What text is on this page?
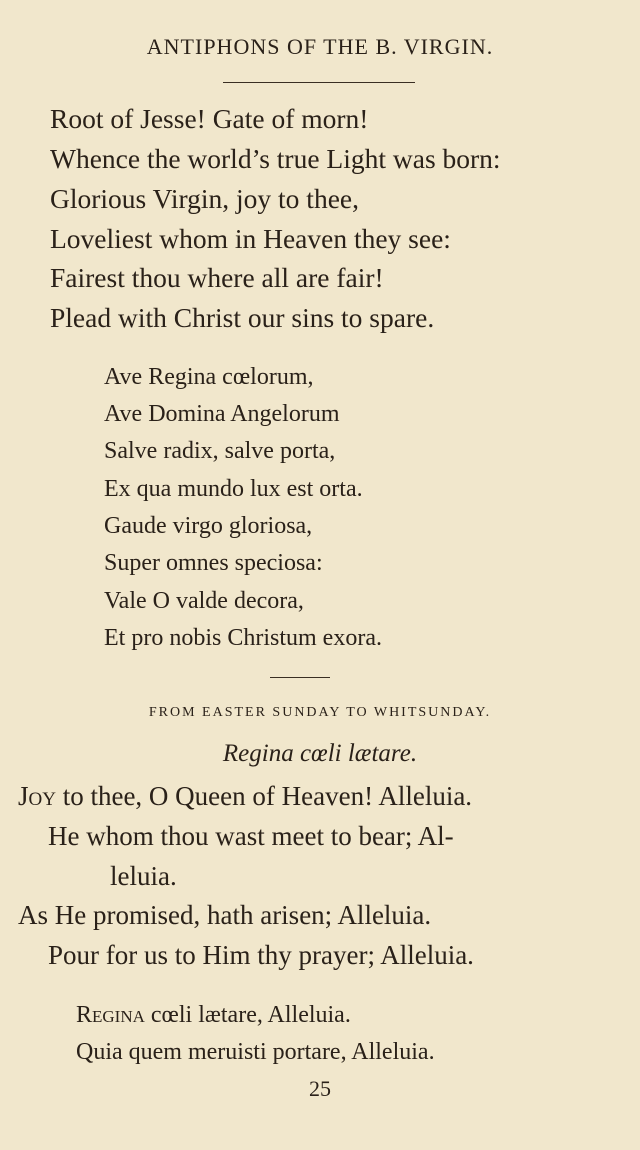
ANTIPHONS OF THE B. VIRGIN.
Root of Jesse! Gate of morn!
Whence the world’s true Light was born:
Glorious Virgin, joy to thee,
Loveliest whom in Heaven they see:
Fairest thou where all are fair!
Plead with Christ our sins to spare.
Ave Regina cœlorum,
Ave Domina Angelorum
Salve radix, salve porta,
Ex qua mundo lux est orta.
Gaude virgo gloriosa,
Super omnes speciosa:
Vale O valde decora,
Et pro nobis Christum exora.
FROM EASTER SUNDAY TO WHITSUNDAY.
Regina cœli lætare.
Joy to thee, O Queen of Heaven! Alleluia.
He whom thou wast meet to bear; Al-
leluia.
As He promised, hath arisen; Alleluia.
Pour for us to Him thy prayer; Alleluia.
Regina cœli lætare, Alleluia.
Quia quem meruisti portare, Alleluia.
25
